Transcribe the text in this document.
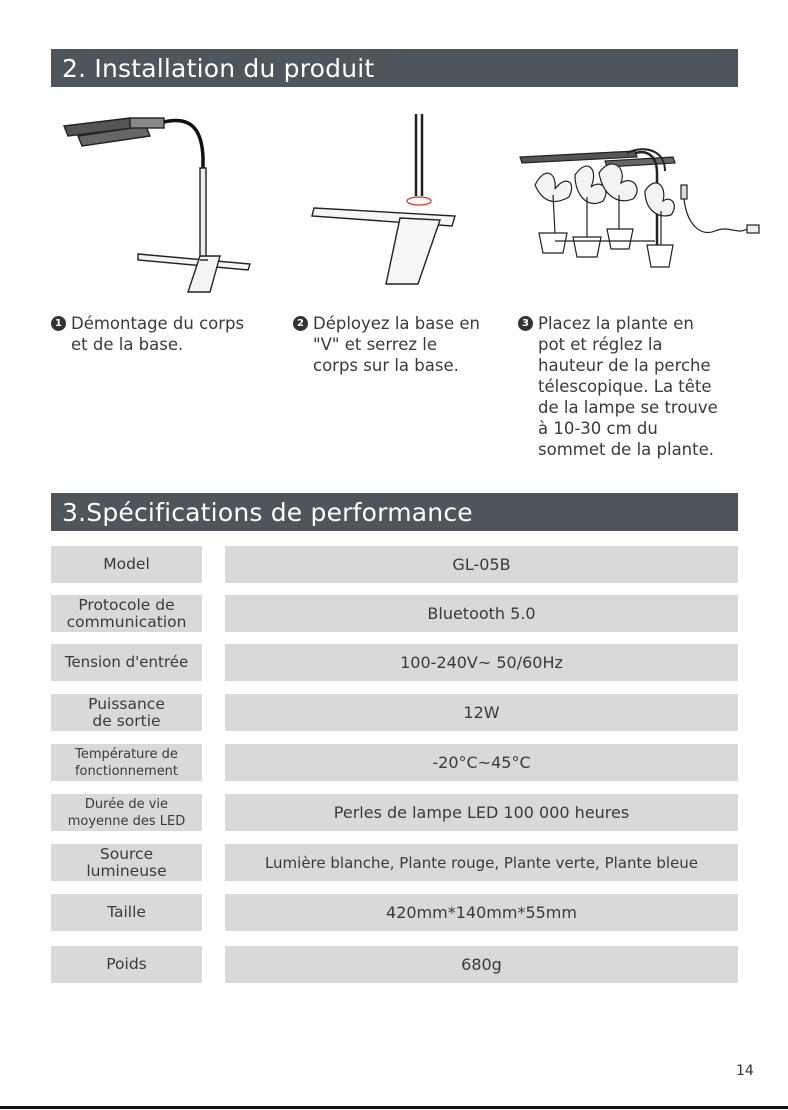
2. Installation du produit
1 Démontage du corps
et de la base.
2 Déployez la base en
"V" et serrez le
corps sur la base.
3 Placez la plante en
pot et réglez la
hauteur de la perche
télescopique. La tête
de la lampe se trouve
à 10-30 cm du
sommet de la plante.
3.Spécifications de performance
Model	GL-05B
Protocole de
communication	Bluetooth 5.0
Tension d'entrée	100-240V~ 50/60Hz
Puissance
de sortie	12W
Température de
fonctionnement	-20°C~45°C
Durée de vie
moyenne des LED	Perles de lampe LED 100 000 heures
Source
lumineuse	Lumière blanche, Plante rouge, Plante verte, Plante bleue
Taille	420mm*140mm*55mm
Poids	680g
14
